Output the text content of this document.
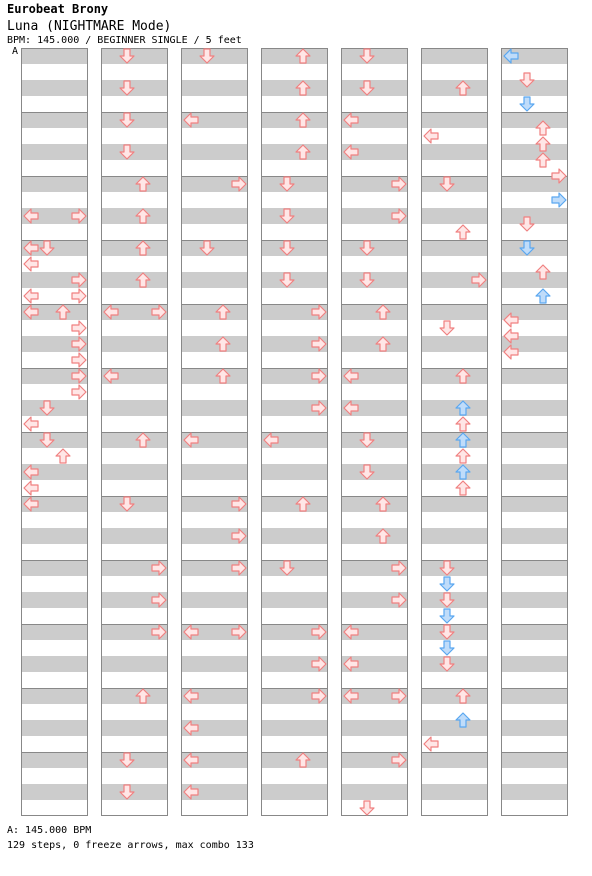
Eurobeat Brony
Luna (NIGHTMARE Mode)
BPM: 145.000 / BEGINNER SINGLE / 5 feet
A
A: 145.000 BPM
129 steps, 0 freeze arrows, max combo 133
